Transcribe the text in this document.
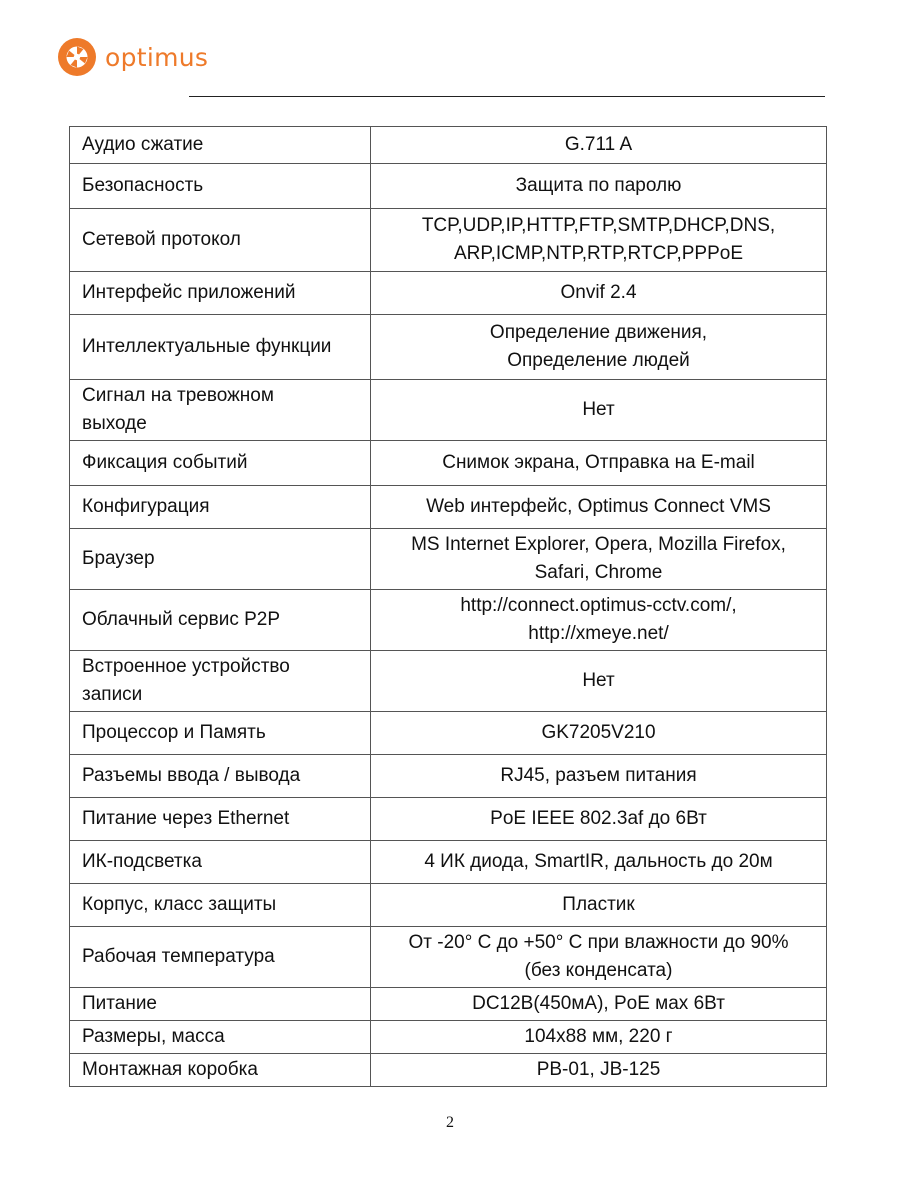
optimus
Аудио сжатие	G.711 A

Безопасность	Защита по паролю

Сетевой протокол	TCP,UDP,IP,HTTP,FTP,SMTP,DHCP,DNS,
ARP,ICMP,NTP,RTP,RTCP,PPPoE

Интерфейс приложений	Onvif 2.4

Интеллектуальные функции	Определение движения,
Определение людей

Сигнал на тревожном
выходе	Нет

Фиксация событий	Снимок экрана, Отправка на E-mail

Конфигурация	Web интерфейс, Optimus Connect VMS

Браузер	MS Internet Explorer, Opera, Mozilla Firefox,
Safari, Chrome

Облачный сервис P2P	http://connect.optimus-cctv.com/,
http://xmeye.net/

Встроенное устройство
записи	Нет

Процессор и Память	GK7205V210

Разъемы ввода / вывода	RJ45, разъем питания

Питание через Ethernet	PoE IEEE 802.3af до 6Вт

ИК-подсветка	4 ИК диода, SmartIR, дальность до 20м

Корпус, класс защиты	Пластик

Рабочая температура	От -20° С до +50° С при влажности до 90%
(без конденсата)

Питание	DC12В(450мА), PoE мax 6Вт

Размеры, масса	104х88 мм, 220 г

Монтажная коробка	PB-01, JB-125
2
